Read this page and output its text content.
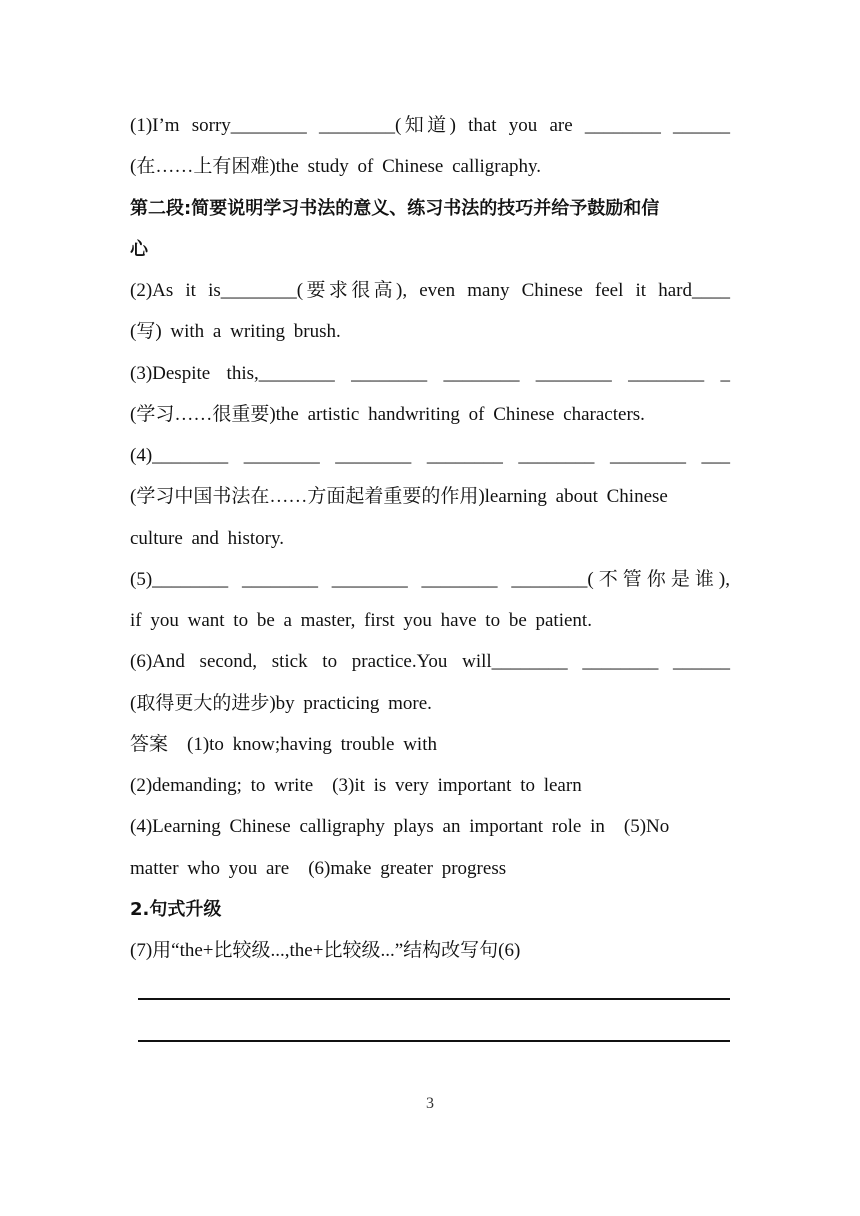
(1)I’m sorry________ ________(知道) that you are ________ ______
(在……上有困难)the study of Chinese calligraphy.
第二段:简要说明学习书法的意义、练习书法的技巧并给予鼓励和信
心
(2)As it is________(要求很高), even many Chinese feel it hard____
(写) with a writing brush.
(3)Despite this,________ ________ ________ ________ ________ _
(学习……很重要)the artistic handwriting of Chinese characters.
(4)________ ________ ________ ________ ________ ________ ___
(学习中国书法在……方面起着重要的作用)learning about Chinese
culture and history.
(5)________ ________ ________ ________ ________(不管你是谁),
if you want to be a master, first you have to be patient.
(6)And second, stick to practice.You will________ ________ ______
(取得更大的进步)by practicing more.
答案　(1)to know;having trouble with
(2)demanding; to write　(3)it is very important to learn
(4)Learning Chinese calligraphy plays an important role in　(5)No
matter who you are　(6)make greater progress
2.句式升级
(7)用“the+比较级...,the+比较级...”结构改写句(6)
3
